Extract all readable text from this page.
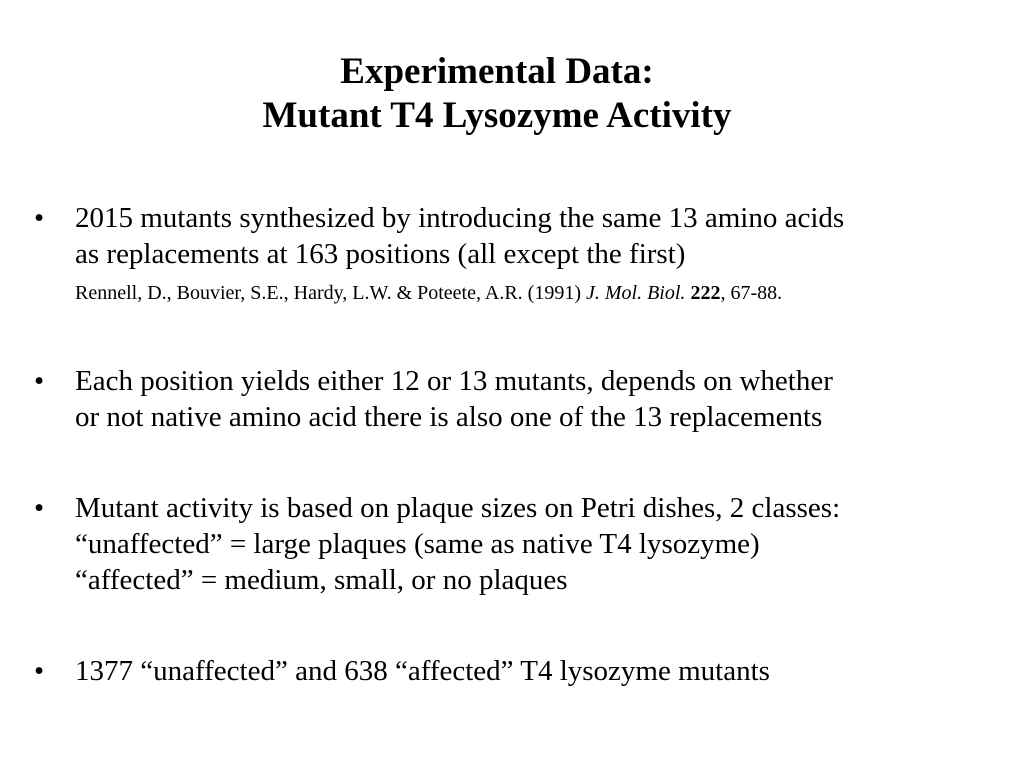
Experimental Data:
Mutant T4 Lysozyme Activity
•	2015 mutants synthesized by introducing the same 13 amino acids
as replacements at 163 positions (all except the first)
Rennell, D., Bouvier, S.E., Hardy, L.W. & Poteete, A.R. (1991) J. Mol. Biol. 222, 67-88.
•	Each position yields either 12 or 13 mutants, depends on whether
or not native amino acid there is also one of the 13 replacements
•	Mutant activity is based on plaque sizes on Petri dishes, 2 classes:
“unaffected” = large plaques (same as native T4 lysozyme)
“affected” = medium, small, or no plaques
•	1377 “unaffected” and 638 “affected” T4 lysozyme mutants
